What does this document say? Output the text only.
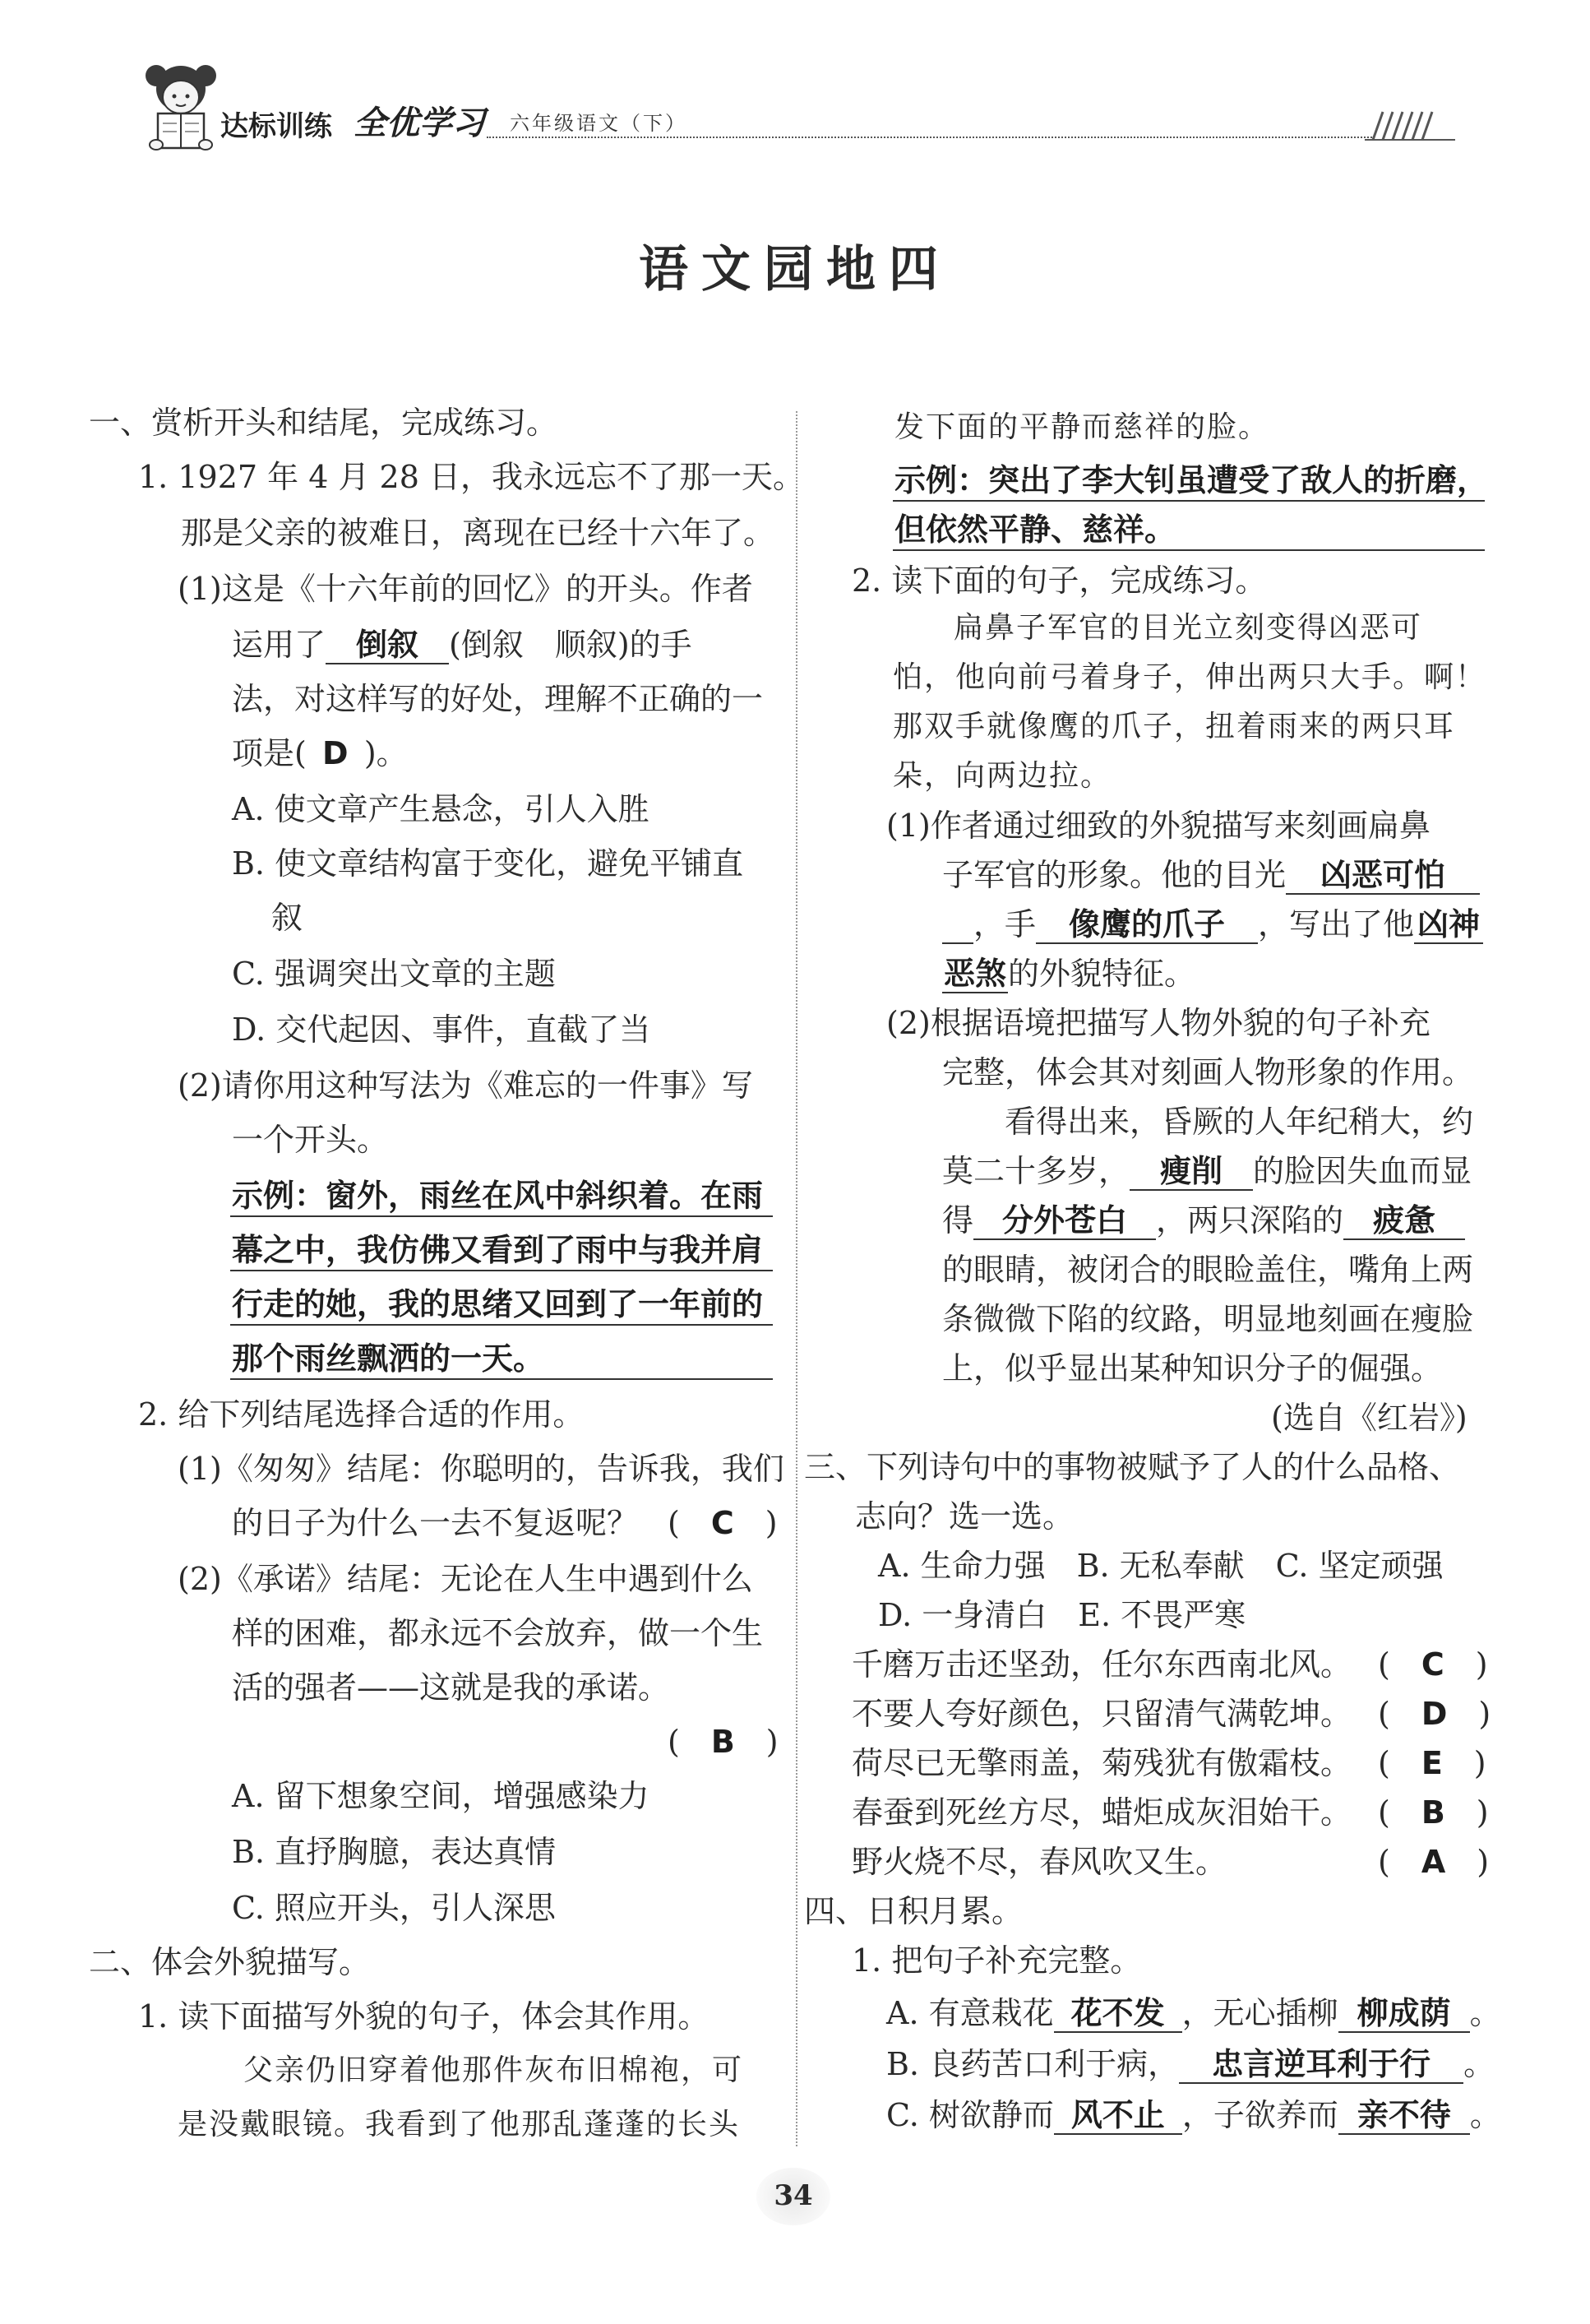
达标训练 全优学习 六年级语文（下）
语文园地四
一、赏析开头和结尾，完成练习。
1. 1927 年 4 月 28 日，我永远忘不了那一天。
那是父亲的被难日，离现在已经十六年了。
(1)这是《十六年前的回忆》的开头。作者
运用了 倒叙 (倒叙　顺叙)的手
法，对这样写的好处，理解不正确的一
项是( D )。
A. 使文章产生悬念，引人入胜
B. 使文章结构富于变化，避免平铺直
叙
C. 强调突出文章的主题
D. 交代起因、事件，直截了当
(2)请你用这种写法为《难忘的一件事》写
一个开头。
示例：窗外，雨丝在风中斜织着。在雨
幕之中，我仿佛又看到了雨中与我并肩
行走的她，我的思绪又回到了一年前的
那个雨丝飘洒的一天。
2. 给下列结尾选择合适的作用。
(1)《匆匆》结尾：你聪明的，告诉我，我们
的日子为什么一去不复返呢？ (　C　)
(2)《承诺》结尾：无论在人生中遇到什么
样的困难，都永远不会放弃，做一个生
活的强者——这就是我的承诺。
(　B　)
A. 留下想象空间，增强感染力
B. 直抒胸臆，表达真情
C. 照应开头，引人深思
二、体会外貌描写。
1. 读下面描写外貌的句子，体会其作用。
父亲仍旧穿着他那件灰布旧棉袍，可
是没戴眼镜。我看到了他那乱蓬蓬的长头
发下面的平静而慈祥的脸。
示例：突出了李大钊虽遭受了敌人的折磨，
但依然平静、慈祥。
2. 读下面的句子，完成练习。
扁鼻子军官的目光立刻变得凶恶可
怕，他向前弓着身子，伸出两只大手。啊！
那双手就像鹰的爪子，扭着雨来的两只耳
朵，向两边拉。
(1)作者通过细致的外貌描写来刻画扁鼻
子军官的形象。他的目光 凶恶可怕
，手 像鹰的爪子 ，写出了他 凶神
恶煞的外貌特征。
(2)根据语境把描写人物外貌的句子补充
完整，体会其对刻画人物形象的作用。
看得出来，昏厥的人年纪稍大，约
莫二十多岁， 瘦削 的脸因失血而显
得 分外苍白 ，两只深陷的 疲惫
的眼睛，被闭合的眼睑盖住，嘴角上两
条微微下陷的纹路，明显地刻画在瘦脸
上，似乎显出某种知识分子的倔强。
(选自《红岩》)
三、下列诗句中的事物被赋予了人的什么品格、
志向？选一选。
A. 生命力强　B. 无私奉献　C. 坚定顽强
D. 一身清白　E. 不畏严寒
千磨万击还坚劲，任尔东西南北风。 (　C　)
不要人夸好颜色，只留清气满乾坤。 (　D　)
荷尽已无擎雨盖，菊残犹有傲霜枝。 (　E　)
春蚕到死丝方尽，蜡炬成灰泪始干。 (　B　)
野火烧不尽，春风吹又生。	(　A　)
四、日积月累。
1. 把句子补充完整。
A. 有意栽花 花不发 ，无心插柳 柳成荫 。
B. 良药苦口利于病， 忠言逆耳利于行 。
C. 树欲静而 风不止 ，子欲养而 亲不待 。
34
